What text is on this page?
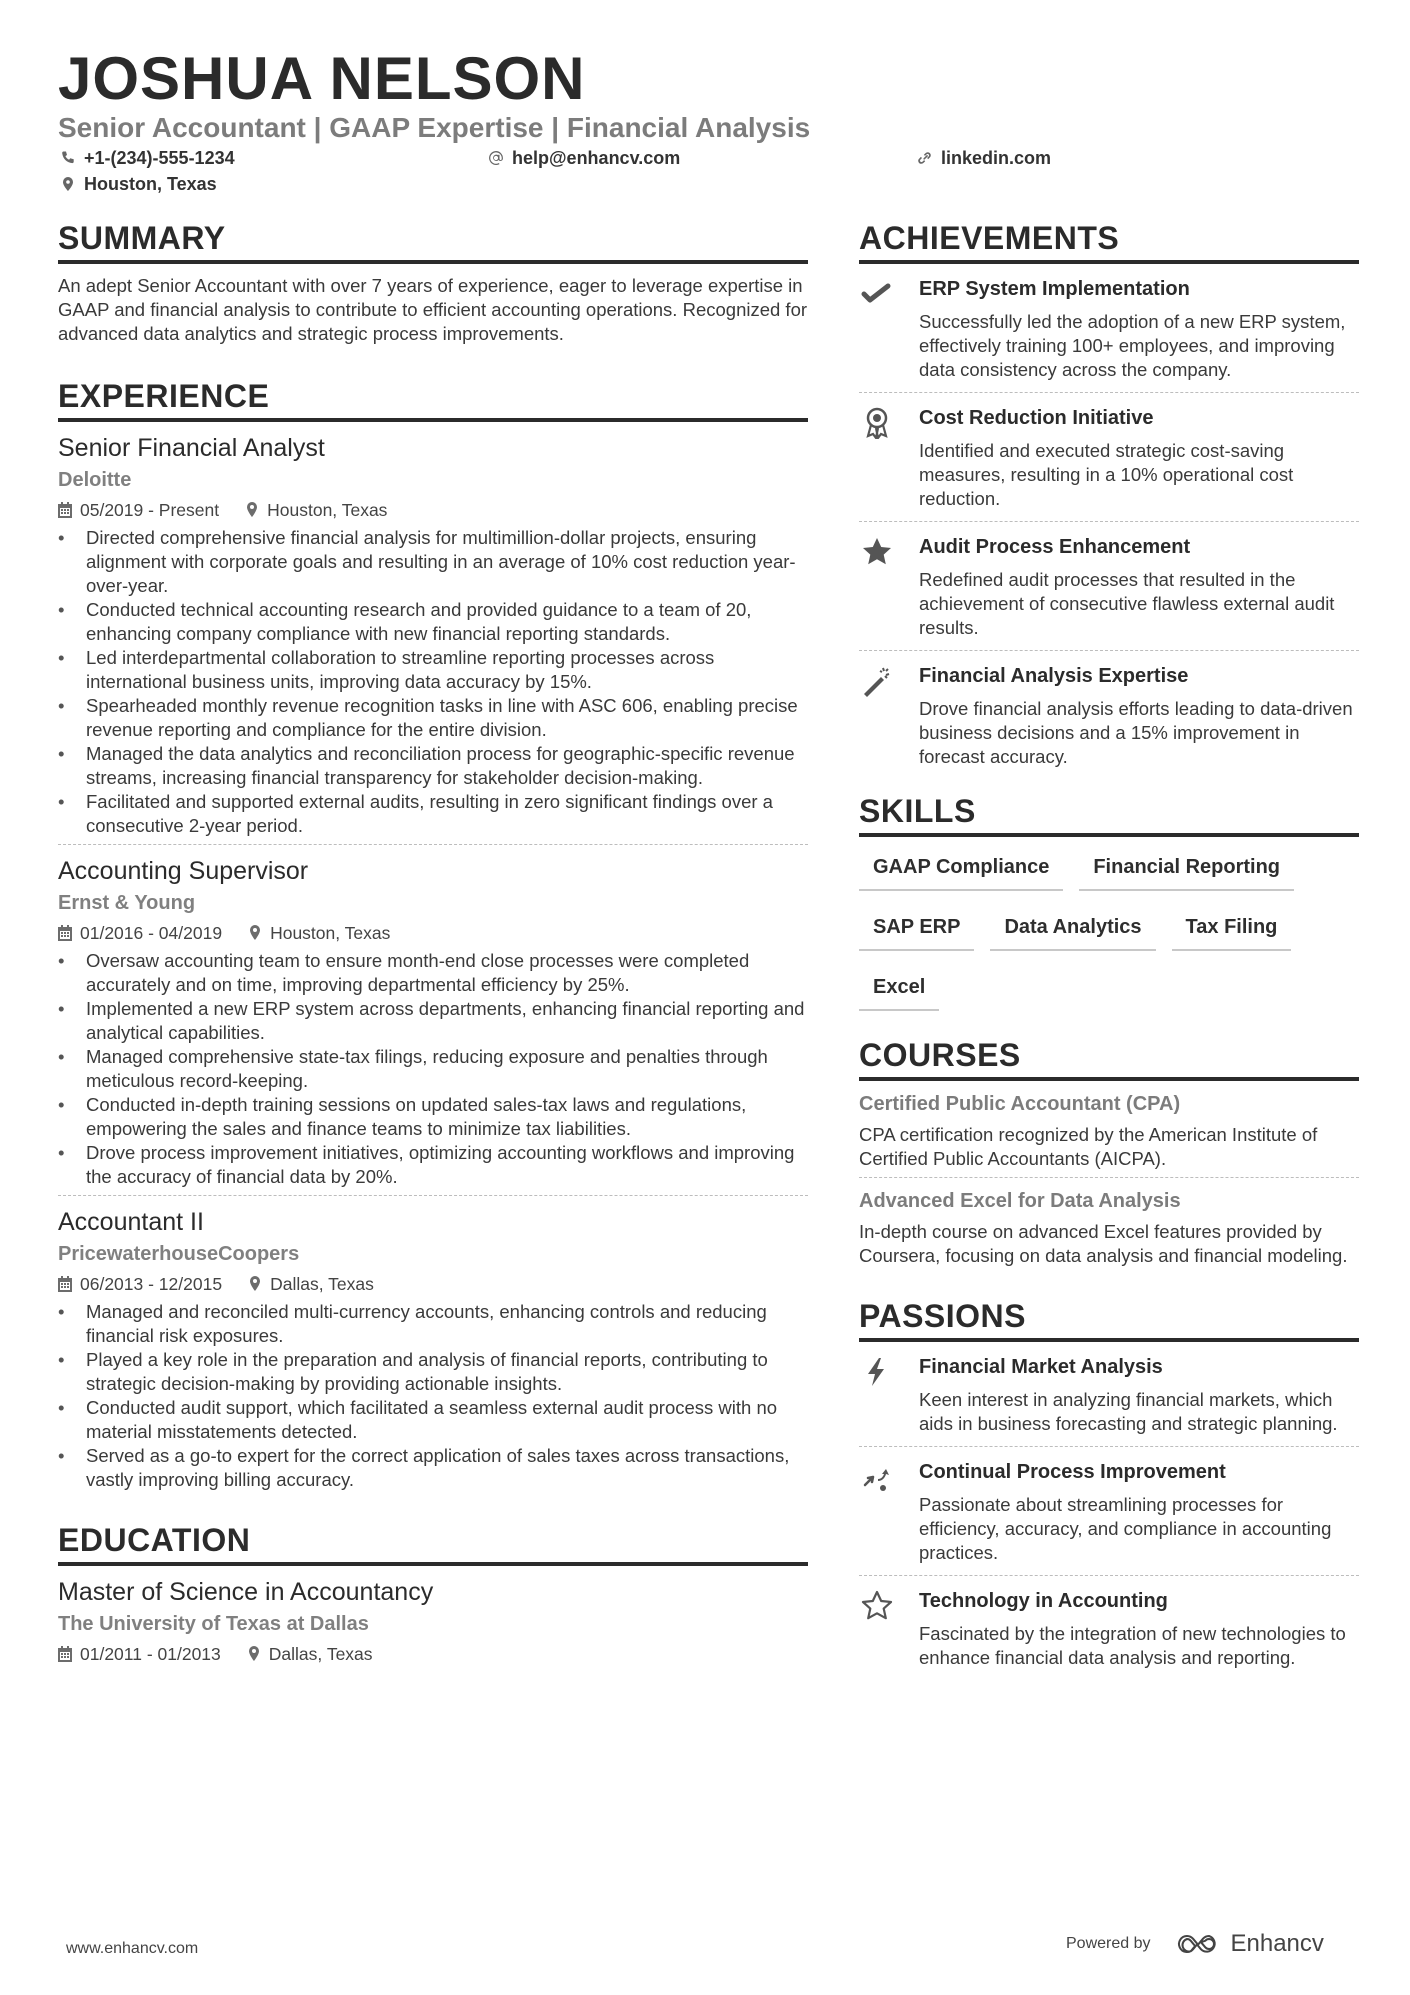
JOSHUA NELSON
Senior Accountant | GAAP Expertise | Financial Analysis
+1-(234)-555-1234	help@enhancv.com	linkedin.com
Houston, Texas
SUMMARY
An adept Senior Accountant with over 7 years of experience, eager to leverage expertise in GAAP and financial analysis to contribute to efficient accounting operations. Recognized for advanced data analytics and strategic process improvements.
EXPERIENCE
Senior Financial Analyst
Deloitte
05/2019 - Present	Houston, Texas
• Directed comprehensive financial analysis for multimillion-dollar projects, ensuring alignment with corporate goals and resulting in an average of 10% cost reduction year-over-year.
• Conducted technical accounting research and provided guidance to a team of 20, enhancing company compliance with new financial reporting standards.
• Led interdepartmental collaboration to streamline reporting processes across international business units, improving data accuracy by 15%.
• Spearheaded monthly revenue recognition tasks in line with ASC 606, enabling precise revenue reporting and compliance for the entire division.
• Managed the data analytics and reconciliation process for geographic-specific revenue streams, increasing financial transparency for stakeholder decision-making.
• Facilitated and supported external audits, resulting in zero significant findings over a consecutive 2-year period.
Accounting Supervisor
Ernst & Young
01/2016 - 04/2019	Houston, Texas
• Oversaw accounting team to ensure month-end close processes were completed accurately and on time, improving departmental efficiency by 25%.
• Implemented a new ERP system across departments, enhancing financial reporting and analytical capabilities.
• Managed comprehensive state-tax filings, reducing exposure and penalties through meticulous record-keeping.
• Conducted in-depth training sessions on updated sales-tax laws and regulations, empowering the sales and finance teams to minimize tax liabilities.
• Drove process improvement initiatives, optimizing accounting workflows and improving the accuracy of financial data by 20%.
Accountant II
PricewaterhouseCoopers
06/2013 - 12/2015	Dallas, Texas
• Managed and reconciled multi-currency accounts, enhancing controls and reducing financial risk exposures.
• Played a key role in the preparation and analysis of financial reports, contributing to strategic decision-making by providing actionable insights.
• Conducted audit support, which facilitated a seamless external audit process with no material misstatements detected.
• Served as a go-to expert for the correct application of sales taxes across transactions, vastly improving billing accuracy.
EDUCATION
Master of Science in Accountancy
The University of Texas at Dallas
01/2011 - 01/2013	Dallas, Texas
ACHIEVEMENTS
ERP System Implementation
Successfully led the adoption of a new ERP system, effectively training 100+ employees, and improving data consistency across the company.
Cost Reduction Initiative
Identified and executed strategic cost-saving measures, resulting in a 10% operational cost reduction.
Audit Process Enhancement
Redefined audit processes that resulted in the achievement of consecutive flawless external audit results.
Financial Analysis Expertise
Drove financial analysis efforts leading to data-driven business decisions and a 15% improvement in forecast accuracy.
SKILLS
GAAP Compliance	Financial Reporting
SAP ERP	Data Analytics	Tax Filing
Excel
COURSES
Certified Public Accountant (CPA)
CPA certification recognized by the American Institute of Certified Public Accountants (AICPA).
Advanced Excel for Data Analysis
In-depth course on advanced Excel features provided by Coursera, focusing on data analysis and financial modeling.
PASSIONS
Financial Market Analysis
Keen interest in analyzing financial markets, which aids in business forecasting and strategic planning.
Continual Process Improvement
Passionate about streamlining processes for efficiency, accuracy, and compliance in accounting practices.
Technology in Accounting
Fascinated by the integration of new technologies to enhance financial data analysis and reporting.
www.enhancv.com	Powered by	Enhancv
